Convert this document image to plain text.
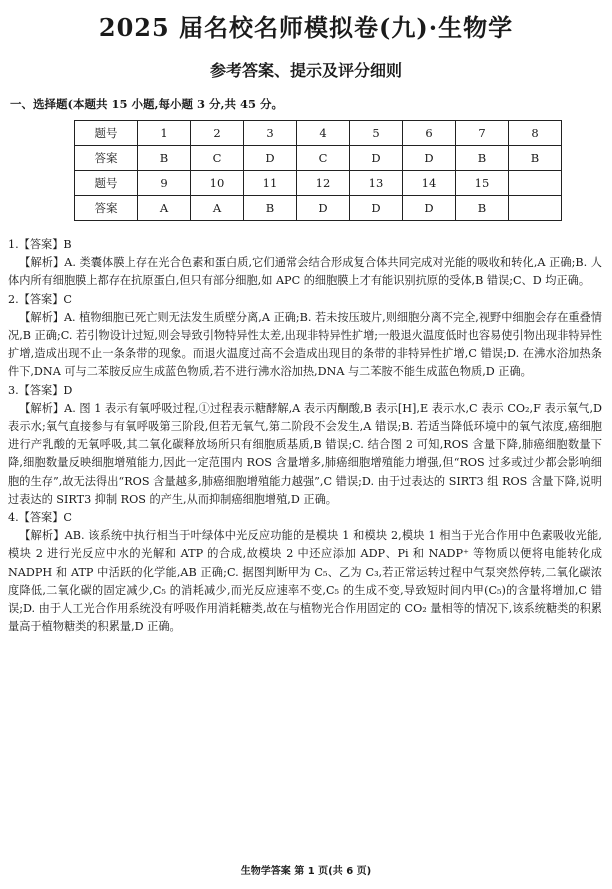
2025 届名校名师模拟卷(九)·生物学
参考答案、提示及评分细则
一、选择题(本题共 15 小题,每小题 3 分,共 45 分。
题号	1	2	3	4	5	6	7	8
答案	B	C	D	C	D	D	B	B
题号	9	10	11	12	13	14	15	
答案	A	A	B	D	D	D	B	

1.【答案】B

【解析】A. 类囊体膜上存在光合色素和蛋白质,它们通常会结合形成复合体共同完成对光能的吸收和转化,A 正确;B. 人体内所有细胞膜上都存在抗原蛋白,但只有部分细胞,如 APC 的细胞膜上才有能识别抗原的受体,B 错误;C、D 均正确。

2.【答案】C

【解析】A. 植物细胞已死亡则无法发生质壁分离,A 正确;B. 若未按压玻片,则细胞分离不完全,视野中细胞会存在重叠情况,B 正确;C. 若引物设计过短,则会导致引物特异性太差,出现非特异性扩增;一般退火温度低时也容易使引物出现非特异性扩增,造成出现不止一条条带的现象。而退火温度过高不会造成出现目的条带的非特异性扩增,C 错误;D. 在沸水浴加热条件下,DNA 可与二苯胺反应生成蓝色物质,若不进行沸水浴加热,DNA 与二苯胺不能生成蓝色物质,D 正确。

3.【答案】D

【解析】A. 图 1 表示有氧呼吸过程,①过程表示糖酵解,A 表示丙酮酸,B 表示[H],E 表示水,C 表示 CO₂,F 表示氧气,D 表示水;氧气直接参与有氧呼吸第三阶段,但若无氧气,第二阶段不会发生,A 错误;B. 若适当降低环境中的氧气浓度,癌细胞进行产乳酸的无氧呼吸,其二氧化碳释放场所只有细胞质基质,B 错误;C. 结合图 2 可知,ROS 含量下降,肺癌细胞数量下降,细胞数量反映细胞增殖能力,因此一定范围内 ROS 含量增多,肺癌细胞增殖能力增强,但“ROS 过多或过少都会影响细胞的生存”,故无法得出“ROS 含量越多,肺癌细胞增殖能力越强”,C 错误;D. 由于过表达的 SIRT3 组 ROS 含量下降,说明过表达的 SIRT3 抑制 ROS 的产生,从而抑制癌细胞增殖,D 正确。

4.【答案】C

【解析】AB. 该系统中执行相当于叶绿体中光反应功能的是模块 1 和模块 2,模块 1 相当于光合作用中色素吸收光能,模块 2 进行光反应中水的光解和 ATP 的合成,故模块 2 中还应添加 ADP、Pi 和 NADP⁺ 等物质以便将电能转化成 NADPH 和 ATP 中活跃的化学能,AB 正确;C. 据图判断甲为 C₅、乙为 C₃,若正常运转过程中气泵突然停转,二氧化碳浓度降低,二氧化碳的固定减少,C₅ 的消耗减少,而光反应速率不变,C₅ 的生成不变,导致短时间内甲(C₅)的含量将增加,C 错误;D. 由于人工光合作用系统没有呼吸作用消耗糖类,故在与植物光合作用固定的 CO₂ 量相等的情况下,该系统糖类的积累量高于植物糖类的积累量,D 正确。

生物学答案 第 1 页(共 6 页)
